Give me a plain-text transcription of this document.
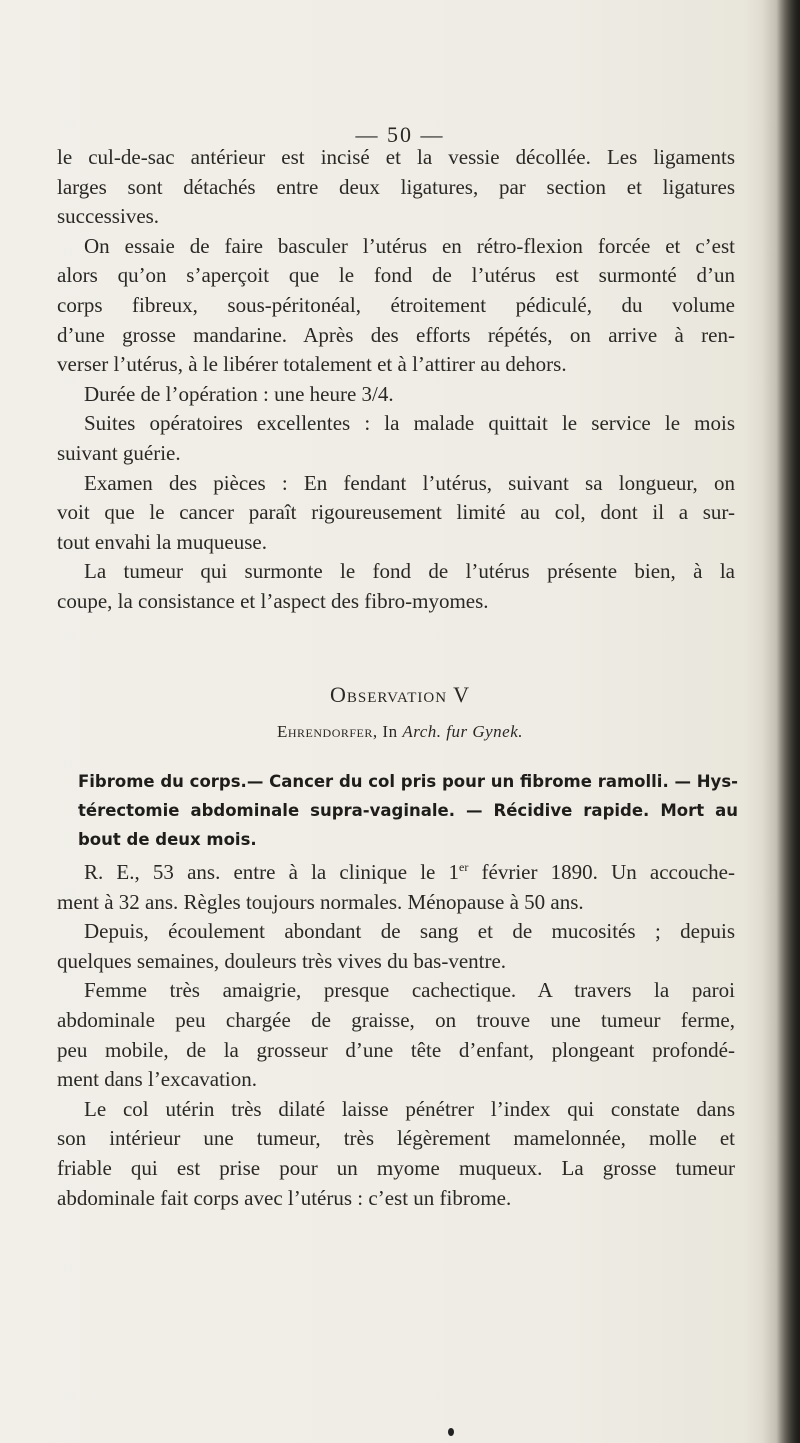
— 50 —
le cul-de-sac antérieur est incisé et la vessie décollée. Les ligaments
larges sont détachés entre deux ligatures, par section et ligatures
successives.
On essaie de faire basculer l’utérus en rétro-flexion forcée et c’est
alors qu’on s’aperçoit que le fond de l’utérus est surmonté d’un
corps fibreux, sous-péritonéal, étroitement pédiculé, du volume
d’une grosse mandarine. Après des efforts répétés, on arrive à ren-
verser l’utérus, à le libérer totalement et à l’attirer au dehors.
Durée de l’opération : une heure 3/4.
Suites opératoires excellentes : la malade quittait le service le mois
suivant guérie.
Examen des pièces : En fendant l’utérus, suivant sa longueur, on
voit que le cancer paraît rigoureusement limité au col, dont il a sur-
tout envahi la muqueuse.
La tumeur qui surmonte le fond de l’utérus présente bien, à la
coupe, la consistance et l’aspect des fibro-myomes.
Observation V
Ehrendorfer, In Arch. fur Gynek.
Fibrome du corps.— Cancer du col pris pour un fibrome ramolli. — Hys-
térectomie abdominale supra-vaginale. — Récidive rapide. Mort au
bout de deux mois.
R. E., 53 ans. entre à la clinique le 1er février 1890. Un accouche-
ment à 32 ans. Règles toujours normales. Ménopause à 50 ans.
Depuis, écoulement abondant de sang et de mucosités ; depuis
quelques semaines, douleurs très vives du bas-ventre.
Femme très amaigrie, presque cachectique. A travers la paroi
abdominale peu chargée de graisse, on trouve une tumeur ferme,
peu mobile, de la grosseur d’une tête d’enfant, plongeant profondé-
ment dans l’excavation.
Le col utérin très dilaté laisse pénétrer l’index qui constate dans
son intérieur une tumeur, très légèrement mamelonnée, molle et
friable qui est prise pour un myome muqueux. La grosse tumeur
abdominale fait corps avec l’utérus : c’est un fibrome.
